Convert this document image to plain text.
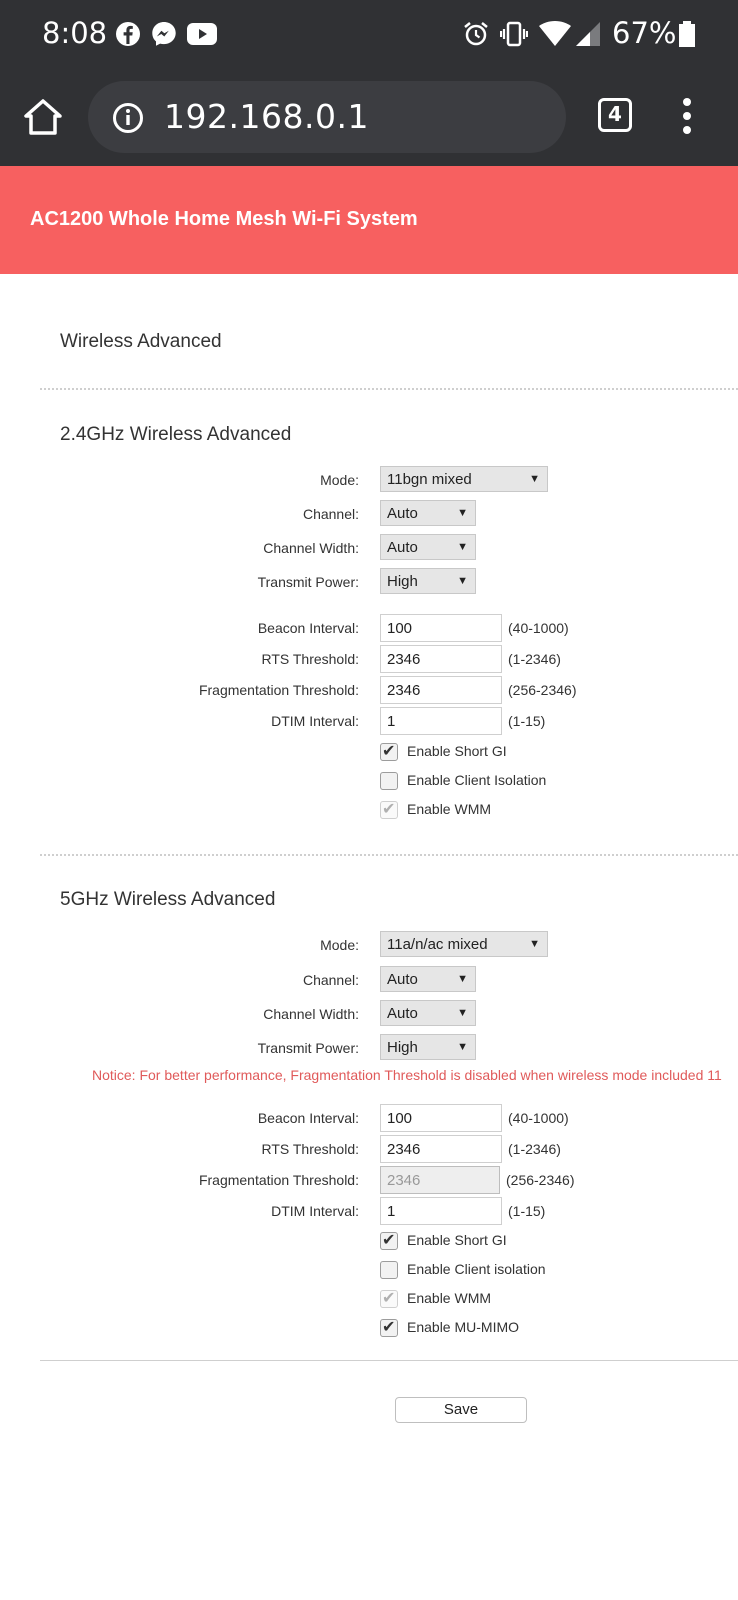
8:08	67%
192.168.0.1	4
AC1200 Whole Home Mesh Wi-Fi System
Wireless Advanced
2.4GHz Wireless Advanced
Mode: 11bgn mixed	▼
Channel: Auto	▼
Channel Width: Auto	▼
Transmit Power: High	▼
Beacon Interval:	100	(40-1000)
RTS Threshold:	2346	(1-2346)
Fragmentation Threshold:	2346	(256-2346)
DTIM Interval:	1	(1-15)
✔ Enable Short GI
Enable Client Isolation
✔ Enable WMM
5GHz Wireless Advanced
Mode: 11a/n/ac mixed	▼
Channel: Auto	▼
Channel Width: Auto	▼
Transmit Power: High	▼
Notice: For better performance, Fragmentation Threshold is disabled when wireless mode included 11
Beacon Interval:	100	(40-1000)
RTS Threshold:	2346	(1-2346)
Fragmentation Threshold:	2346	(256-2346)
DTIM Interval:	1	(1-15)
✔ Enable Short GI
Enable Client isolation
✔ Enable WMM
✔ Enable MU-MIMO
Save
